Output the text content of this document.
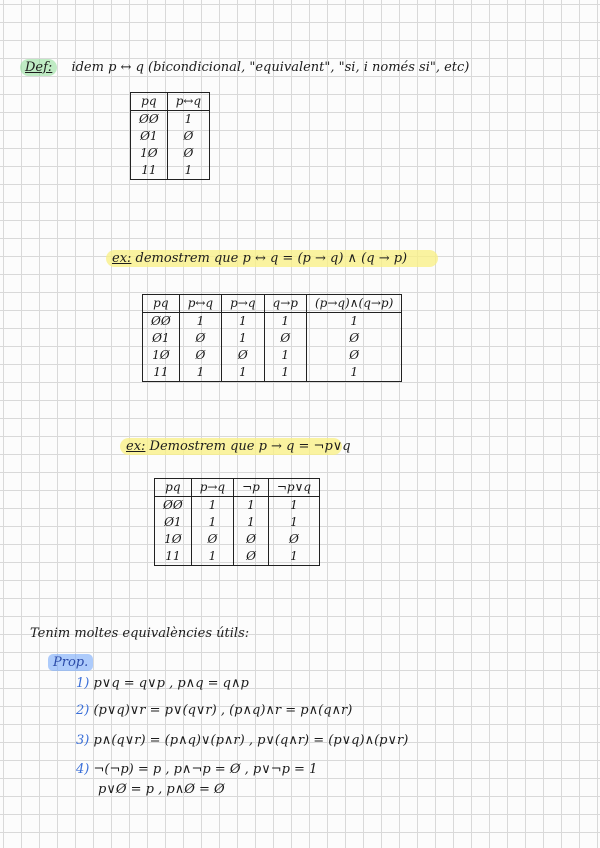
Def: idem p ↔ q (bicondicional, "equivalent", "si, i només si", etc)
pq	p↔q
ØØ	1
Ø1	Ø
1Ø	Ø
11	1
ex: demostrem que p ↔ q = (p → q) ∧ (q → p)
pq	p↔q	p→q	q→p	(p→q)∧(q→p)
ØØ	1	1	1	1
Ø1	Ø	1	Ø	Ø
1Ø	Ø	Ø	1	Ø
11	1	1	1	1
ex: Demostrem que p → q = ¬p∨q
pq	p→q	¬p	¬p∨q
ØØ	1	1	1
Ø1	1	1	1
1Ø	Ø	Ø	Ø
11	1	Ø	1
Tenim moltes equivalències útils:
Prop.
1) p∨q = q∨p , p∧q = q∧p
2) (p∨q)∨r = p∨(q∨r) , (p∧q)∧r = p∧(q∧r)
3) p∧(q∨r) = (p∧q)∨(p∧r) , p∨(q∧r) = (p∨q)∧(p∨r)
4) ¬(¬p) = p , p∧¬p = Ø , p∨¬p = 1
p∨Ø = p , p∧Ø = Ø
